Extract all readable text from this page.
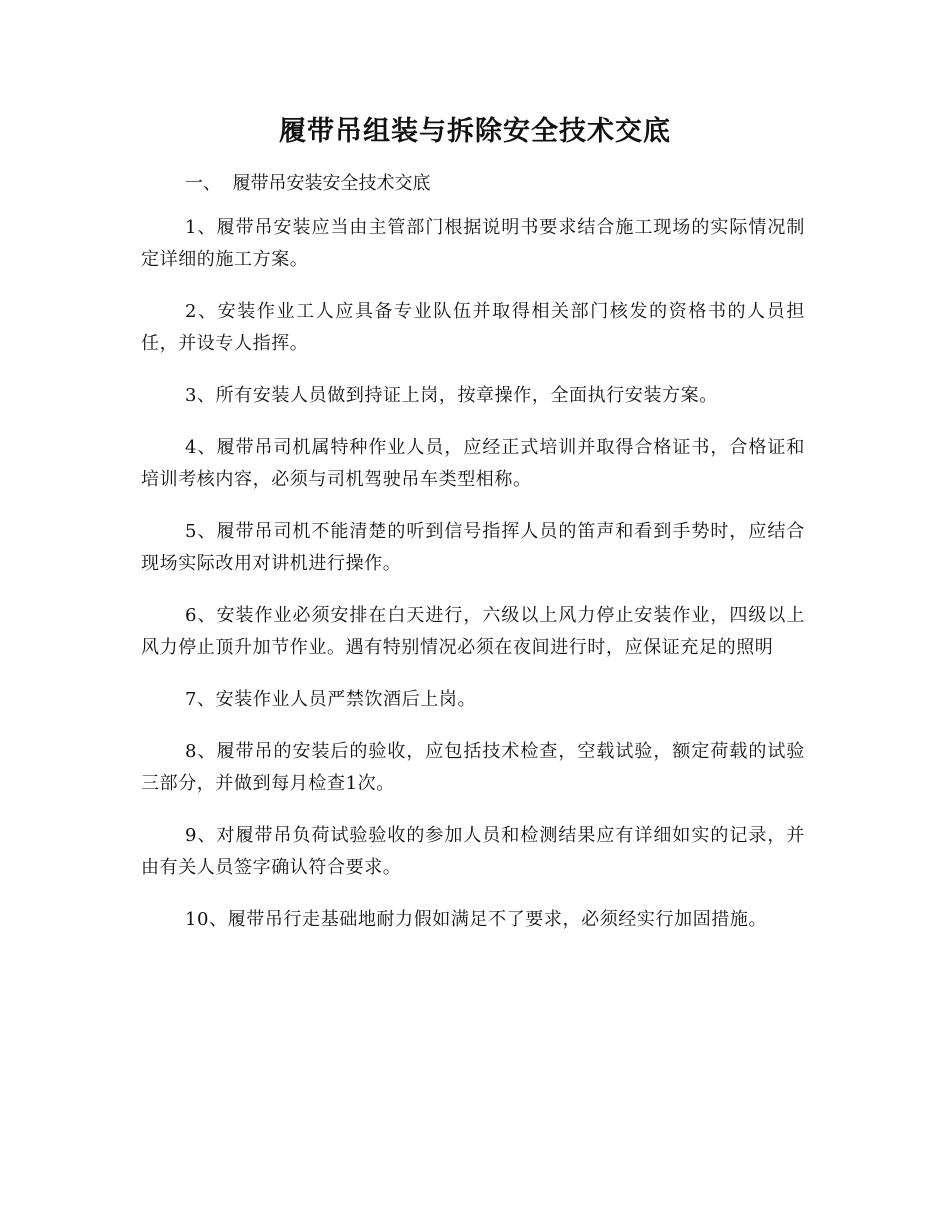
履带吊组装与拆除安全技术交底

一、  履带吊安装安全技术交底

1、履带吊安装应当由主管部门根据说明书要求结合施工现场的实际情况制定详细的施工方案。

2、安装作业工人应具备专业队伍并取得相关部门核发的资格书的人员担任，并设专人指挥。

3、所有安装人员做到持证上岗，按章操作，全面执行安装方案。

4、履带吊司机属特种作业人员，应经正式培训并取得合格证书，合格证和培训考核内容，必须与司机驾驶吊车类型相称。

5、履带吊司机不能清楚的听到信号指挥人员的笛声和看到手势时，应结合现场实际改用对讲机进行操作。

6、安装作业必须安排在白天进行，六级以上风力停止安装作业，四级以上风力停止顶升加节作业。遇有特别情况必须在夜间进行时，应保证充足的照明

7、安装作业人员严禁饮酒后上岗。

8、履带吊的安装后的验收，应包括技术检查，空载试验，额定荷载的试验三部分，并做到每月检查1次。

9、对履带吊负荷试验验收的参加人员和检测结果应有详细如实的记录，并由有关人员签字确认符合要求。

10、履带吊行走基础地耐力假如满足不了要求，必须经实行加固措施。
